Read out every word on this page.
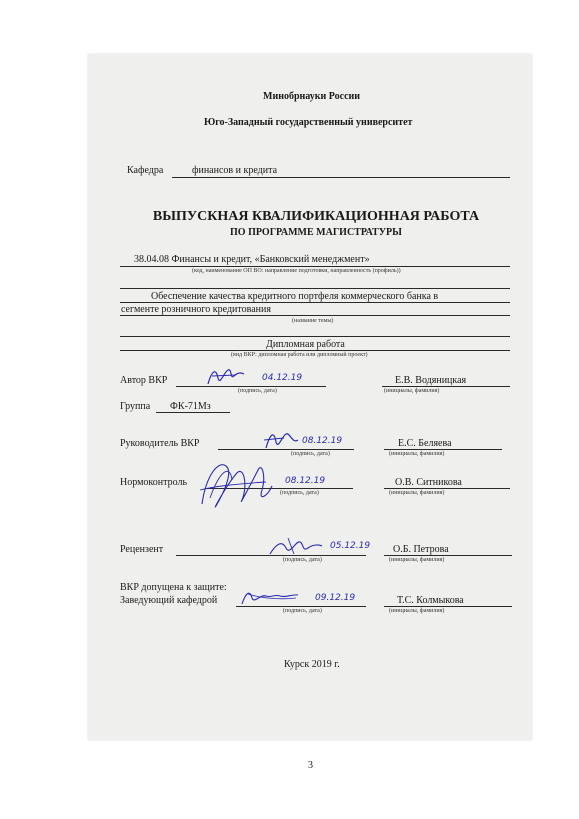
Минобрнауки России
Юго-Западный государственный университет
Кафедра	финансов и кредита
ВЫПУСКНАЯ КВАЛИФИКАЦИОННАЯ РАБОТА
ПО ПРОГРАММЕ МАГИСТРАТУРЫ
38.04.08 Финансы и кредит, «Банковский менеджмент»
(код, наименование ОП ВО: направление подготовки, направленность (профиль))
Обеспечение качества кредитного портфеля коммерческого банка в
сегменте розничного кредитования
(название темы)
Дипломная работа
(вид ВКР: дипломная работа или дипломный проект)
Автор ВКР	04.12.19
(подпись, дата)
Е.В. Водяницкая
(инициалы, фамилия)
Группа ФК-71Мз
Руководитель ВКР	08.12.19
(подпись, дата)
Е.С. Беляева
(инициалы, фамилия)
Нормоконтроль	08.12.19
(подпись, дата)
О.В. Ситникова
(инициалы, фамилия)
Рецензент	05.12.19
(подпись, дата)
О.Б. Петрова
(инициалы, фамилия)
ВКР допущена к защите:
Заведующий кафедрой	09.12.19
(подпись, дата)
Т.С. Колмыкова
(инициалы, фамилия)
Курск 2019 г.
3
